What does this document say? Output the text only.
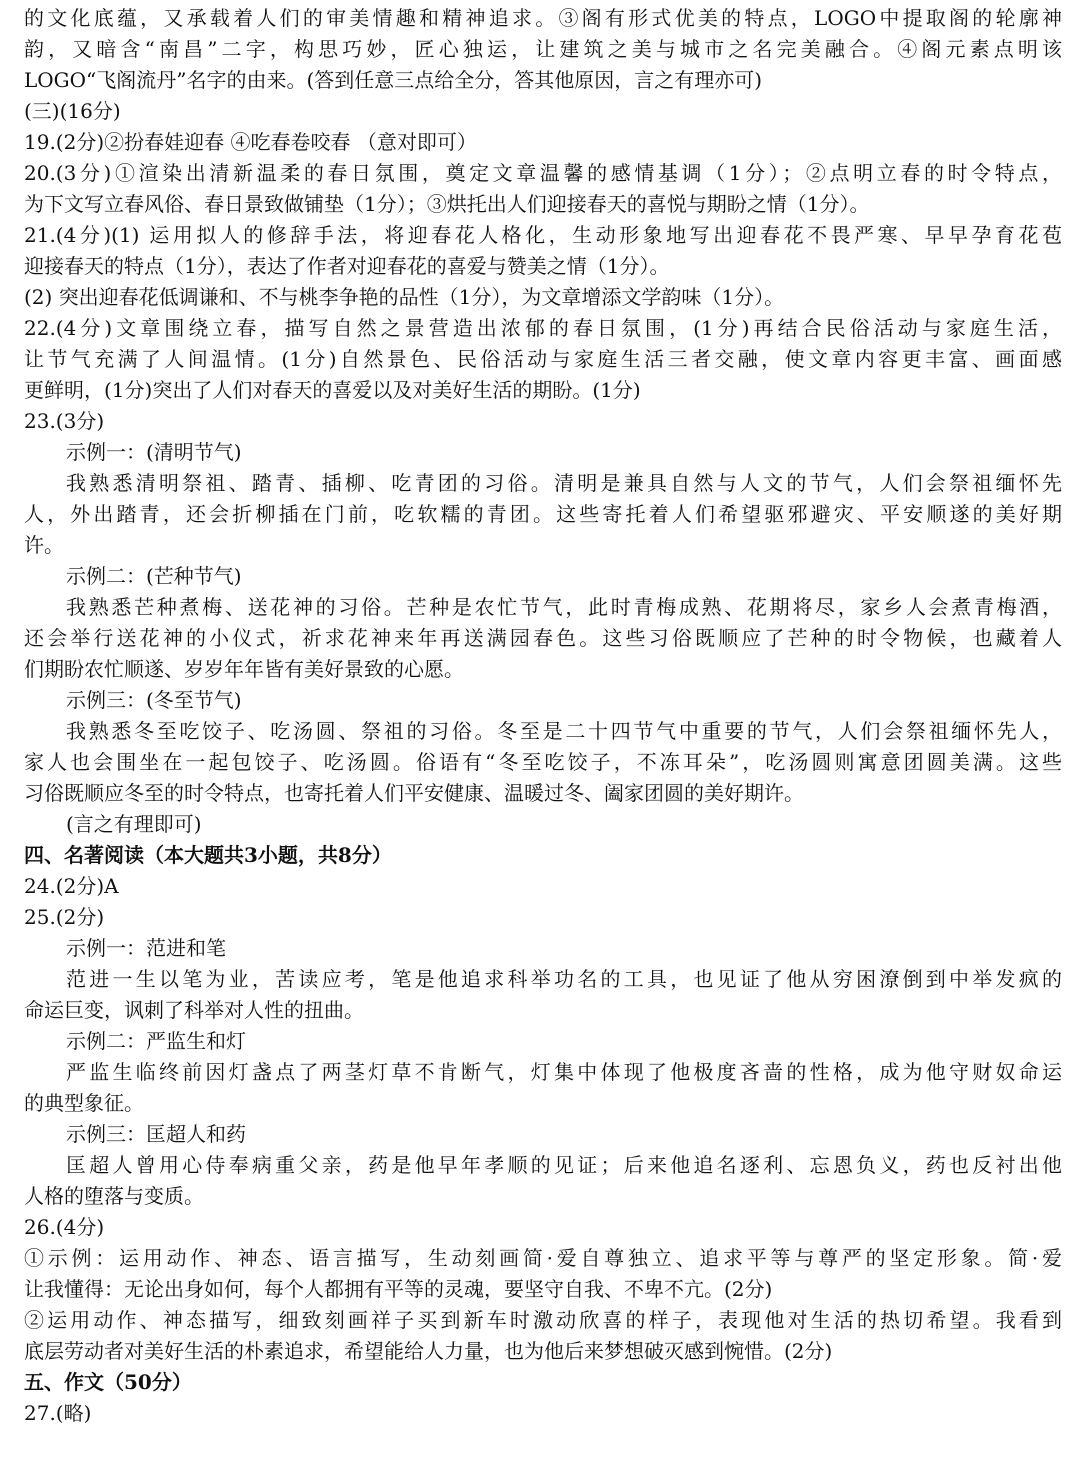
的文化底蕴，又承载着人们的审美情趣和精神追求。③阁有形式优美的特点，LOGO中提取阁的轮廓神
韵，又暗含“南昌”二字，构思巧妙，匠心独运，让建筑之美与城市之名完美融合。④阁元素点明该
LOGO“飞阁流丹”名字的由来。(答到任意三点给全分，答其他原因，言之有理亦可)
(三)(16分)
19.(2分)②扮春娃迎春 ④吃春卷咬春 （意对即可）
20.(3分)①渲染出清新温柔的春日氛围，奠定文章温馨的感情基调（1分）；②点明立春的时令特点，
为下文写立春风俗、春日景致做铺垫（1分）；③烘托出人们迎接春天的喜悦与期盼之情（1分）。
21.(4分)(1) 运用拟人的修辞手法，将迎春花人格化，生动形象地写出迎春花不畏严寒、早早孕育花苞
迎接春天的特点（1分），表达了作者对迎春花的喜爱与赞美之情（1分）。
(2) 突出迎春花低调谦和、不与桃李争艳的品性（1分），为文章增添文学韵味（1分）。
22.(4分)文章围绕立春，描写自然之景营造出浓郁的春日氛围，(1分)再结合民俗活动与家庭生活，
让节气充满了人间温情。(1分)自然景色、民俗活动与家庭生活三者交融，使文章内容更丰富、画面感
更鲜明，(1分)突出了人们对春天的喜爱以及对美好生活的期盼。(1分)
23.(3分)
示例一：(清明节气)
我熟悉清明祭祖、踏青、插柳、吃青团的习俗。清明是兼具自然与人文的节气，人们会祭祖缅怀先
人，外出踏青，还会折柳插在门前，吃软糯的青团。这些寄托着人们希望驱邪避灾、平安顺遂的美好期
许。
示例二：(芒种节气)
我熟悉芒种煮梅、送花神的习俗。芒种是农忙节气，此时青梅成熟、花期将尽，家乡人会煮青梅酒，
还会举行送花神的小仪式，祈求花神来年再送满园春色。这些习俗既顺应了芒种的时令物候，也藏着人
们期盼农忙顺遂、岁岁年年皆有美好景致的心愿。
示例三：(冬至节气)
我熟悉冬至吃饺子、吃汤圆、祭祖的习俗。冬至是二十四节气中重要的节气，人们会祭祖缅怀先人，
家人也会围坐在一起包饺子、吃汤圆。俗语有“冬至吃饺子，不冻耳朵”，吃汤圆则寓意团圆美满。这些
习俗既顺应冬至的时令特点，也寄托着人们平安健康、温暖过冬、阖家团圆的美好期许。
(言之有理即可)
四、名著阅读（本大题共3小题，共8分）
24.(2分)A
25.(2分)
示例一：范进和笔
范进一生以笔为业，苦读应考，笔是他追求科举功名的工具，也见证了他从穷困潦倒到中举发疯的
命运巨变，讽刺了科举对人性的扭曲。
示例二：严监生和灯
严监生临终前因灯盏点了两茎灯草不肯断气，灯集中体现了他极度吝啬的性格，成为他守财奴命运
的典型象征。
示例三：匡超人和药
匡超人曾用心侍奉病重父亲，药是他早年孝顺的见证；后来他追名逐利、忘恩负义，药也反衬出他
人格的堕落与变质。
26.(4分)
①示例：运用动作、神态、语言描写，生动刻画简·爱自尊独立、追求平等与尊严的坚定形象。简·爱
让我懂得：无论出身如何，每个人都拥有平等的灵魂，要坚守自我、不卑不亢。(2分)
②运用动作、神态描写，细致刻画祥子买到新车时激动欣喜的样子，表现他对生活的热切希望。我看到
底层劳动者对美好生活的朴素追求，希望能给人力量，也为他后来梦想破灭感到惋惜。(2分)
五、作文（50分）
27.(略)
